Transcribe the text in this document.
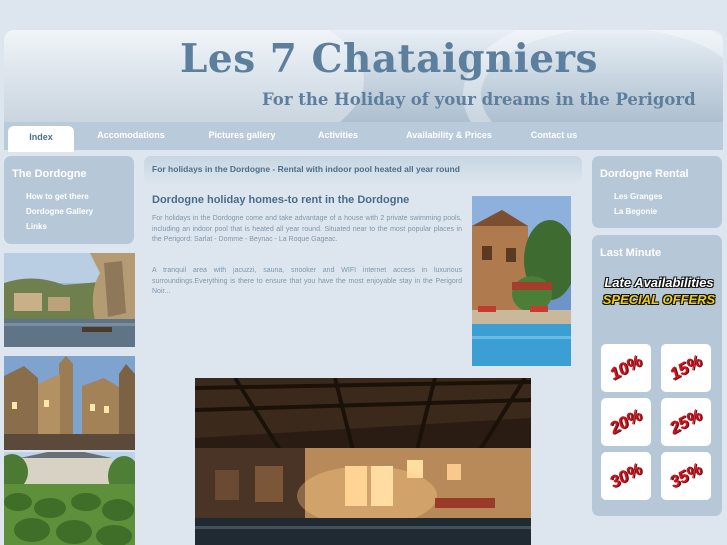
Les 7 Chataigniers
For the Holiday of your dreams in the Perigord
Index	Accomodations	Pictures gallery	Activities	Availability & Prices	Contact us
The Dordogne
How to get there
Dordogne Gallery
Links
For holidays in the Dordogne - Rental with indoor pool heated all year round
Dordogne holiday homes-to rent in the Dordogne
For holidays in the Dordogne come and take advantage of a house with 2 private swimming pools, including an indoor pool that is heated all year round. Situated near to the most popular places in the Perigord: Sarlat - Domme - Beynac - La Roque Gageac.
A tranquil area with jacuzzi, sauna, snooker and WIFI internet access in luxurious surroundings.Everything is there to ensure that you have the most enjoyable stay in the Perigord Noir...
Dordogne Rental
Les Granges
La Begonie
Last Minute
Late Availabilities
SPECIAL OFFERS
10% 15%
20% 25%
30% 35%
